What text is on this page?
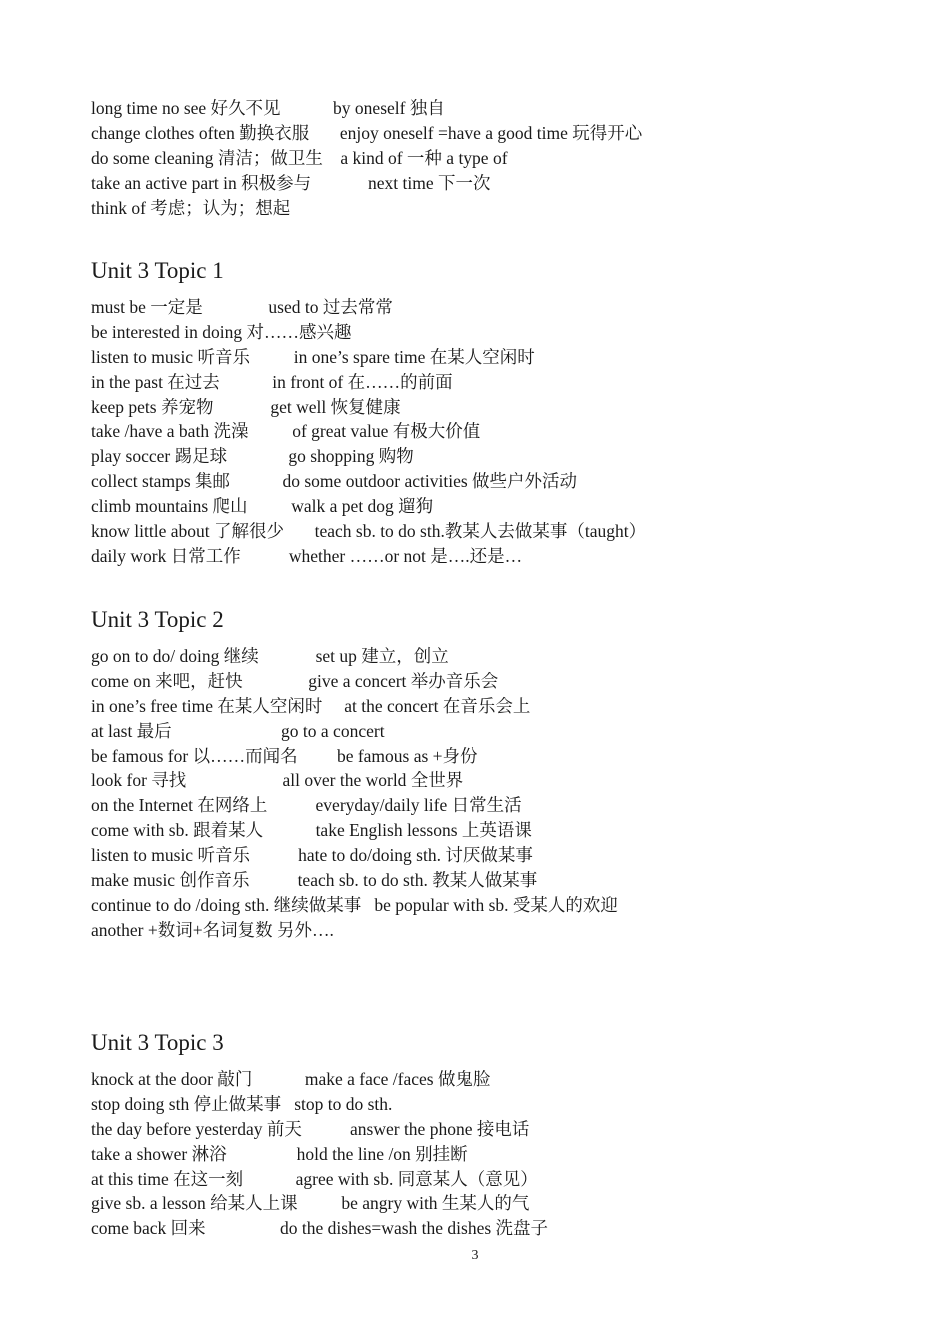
long time no see 好久不见            by oneself 独自
change clothes often 勤换衣服       enjoy oneself =have a good time 玩得开心
do some cleaning 清洁；做卫生    a kind of 一种 a type of
take an active part in 积极参与             next time 下一次
think of 考虑；认为；想起
Unit 3 Topic 1
must be 一定是               used to 过去常常
be interested in doing 对……感兴趣
listen to music 听音乐          in one’s spare time 在某人空闲时
in the past 在过去            in front of 在……的前面
keep pets 养宠物             get well 恢复健康
take /have a bath 洗澡          of great value 有极大价值
play soccer 踢足球              go shopping 购物
collect stamps 集邮            do some outdoor activities 做些户外活动
climb mountains 爬山          walk a pet dog 遛狗
know little about 了解很少       teach sb. to do sth.教某人去做某事（taught）
daily work 日常工作           whether ……or not 是….还是…
Unit 3 Topic 2
go on to do/ doing 继续             set up 建立，创立
come on 来吧，赶快               give a concert 举办音乐会
in one’s free time 在某人空闲时     at the concert 在音乐会上
at last 最后                         go to a concert
be famous for 以……而闻名         be famous as +身份
look for 寻找                      all over the world 全世界
on the Internet 在网络上           everyday/daily life 日常生活
come with sb. 跟着某人            take English lessons 上英语课
listen to music 听音乐           hate to do/doing sth. 讨厌做某事
make music 创作音乐           teach sb. to do sth. 教某人做某事
continue to do /doing sth. 继续做某事   be popular with sb. 受某人的欢迎
another +数词+名词复数 另外….
Unit 3 Topic 3
knock at the door 敲门            make a face /faces 做鬼脸
stop doing sth 停止做某事   stop to do sth.
the day before yesterday 前天           answer the phone 接电话
take a shower 淋浴                hold the line /on 别挂断
at this time 在这一刻            agree with sb. 同意某人（意见）
give sb. a lesson 给某人上课          be angry with 生某人的气
come back 回来                 do the dishes=wash the dishes 洗盘子
3
